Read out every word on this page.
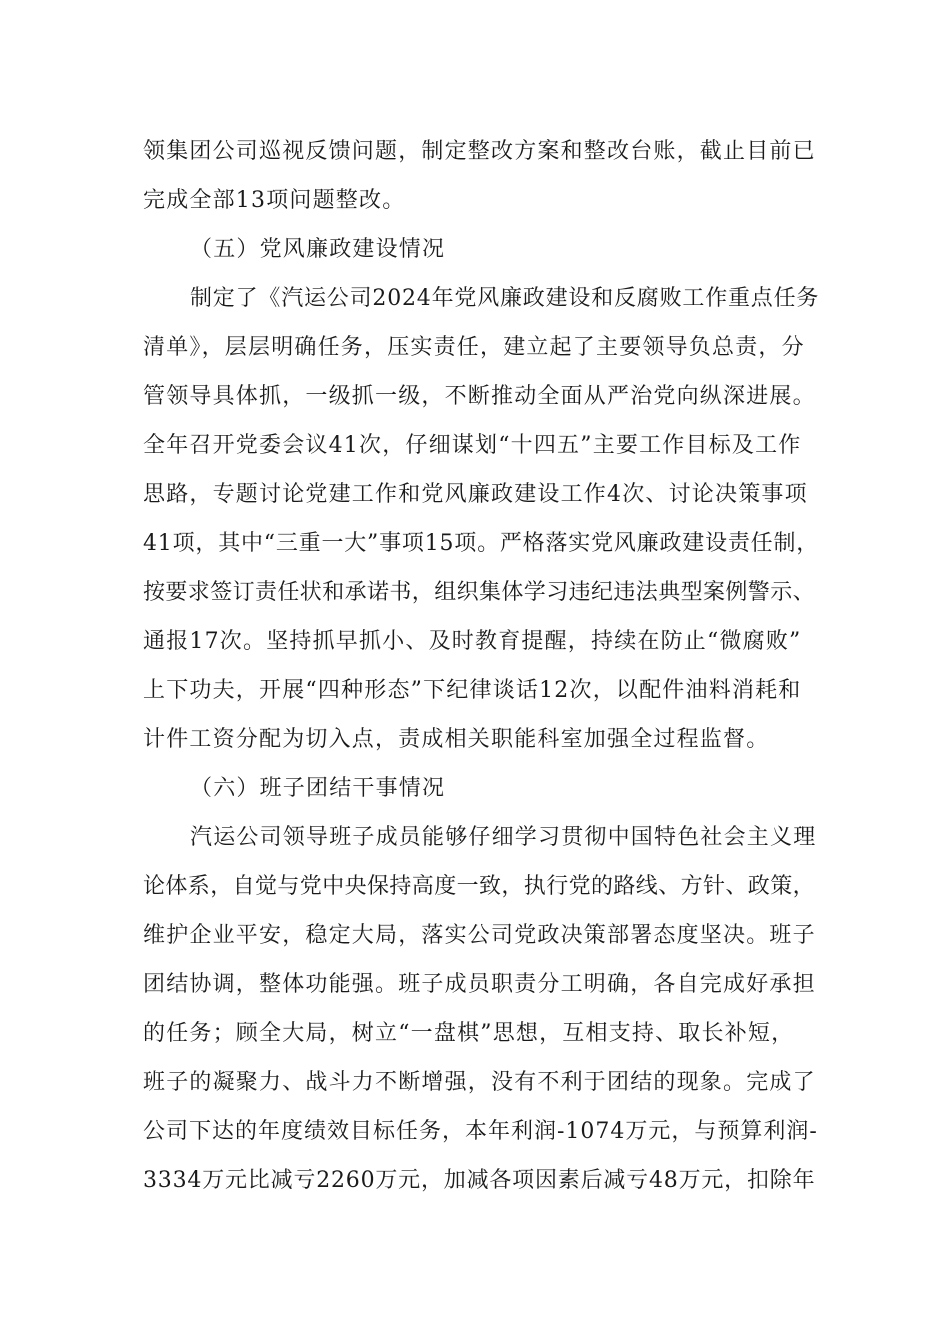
领集团公司巡视反馈问题，制定整改方案和整改台账，截止目前已
完成全部13项问题整改。
（五）党风廉政建设情况
制定了《汽运公司2024年党风廉政建设和反腐败工作重点任务
清单》，层层明确任务，压实责任，建立起了主要领导负总责，分
管领导具体抓，一级抓一级，不断推动全面从严治党向纵深进展。
全年召开党委会议41次，仔细谋划“十四五”主要工作目标及工作
思路，专题讨论党建工作和党风廉政建设工作4次、讨论决策事项
41项，其中“三重一大”事项15项。严格落实党风廉政建设责任制，
按要求签订责任状和承诺书，组织集体学习违纪违法典型案例警示、
通报17次。坚持抓早抓小、及时教育提醒，持续在防止“微腐败”
上下功夫，开展“四种形态”下纪律谈话12次，以配件油料消耗和
计件工资分配为切入点，责成相关职能科室加强全过程监督。
（六）班子团结干事情况
汽运公司领导班子成员能够仔细学习贯彻中国特色社会主义理
论体系，自觉与党中央保持高度一致，执行党的路线、方针、政策，
维护企业平安，稳定大局，落实公司党政决策部署态度坚决。班子
团结协调，整体功能强。班子成员职责分工明确，各自完成好承担
的任务；顾全大局，树立“一盘棋”思想，互相支持、取长补短，
班子的凝聚力、战斗力不断增强，没有不利于团结的现象。完成了
公司下达的年度绩效目标任务，本年利润-1074万元，与预算利润-
3334万元比减亏2260万元，加减各项因素后减亏48万元，扣除年
